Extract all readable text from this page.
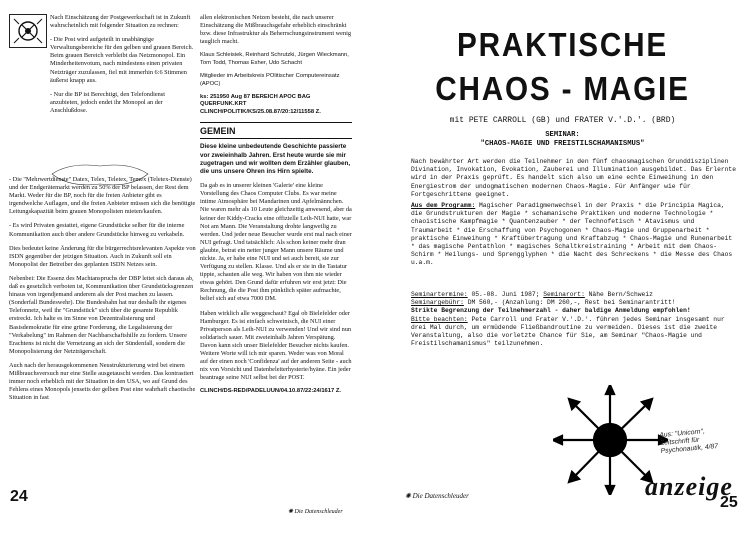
Nach Einschätzung der Postgewerkschaft ist in Zukunft wahrscheinlich mit folgender Situation zu rechnen:

- Die Post wird aufgeteilt in unabhängige Verwaltungsbereiche für den gelben und grauen Bereich. Beim grauen Bereich verbleibt das Netzmonopol. Ein Minderheitenvotum, nach mindestens einen privaten Netzträger zuzulassen, fiel mit immerhin 6:6 Stimmen äußerst knapp aus.

- Nur die BP ist Berechtigt, den Telefondienst anzubieten, jedoch endet ihr Monopol an der Anschlußdose.

- Die "Mehrwertdienste" Datex, Telex, Teletex, Temex (Teletex-Dienste) und der Endgerätemarkt werden zu 50% der BP belassen, der Rest dem Markt. Weder für die BP, noch für die freien Anbieter gibt es irgendwelche Auflagen, und die freien Anbieter müssen sich die benötigte Leitungskapazität beim grauen Monopolisten mieten/kaufen.

- Es wird Privaten gestattet, eigene Grundstücke selber für die interne Kommunikation auch über andere Grundstücke hinweg zu verkabeln.

Dies bedeutet keine Änderung für die bürgerrechtsrelevanten Aspekte von ISDN gegenüber der jetzigen Situation. Auch in Zukunft soll ein Monopolist der Betreiber des geplanten ISDN Netzes sein.

Nebenbei: Die Essenz des Machtanspruchs der DBP leitet sich daraus ab, daß es gesetzlich verboten ist, Kommunikation über Grundstücksgrenzen hinaus von irgendjemand anderem als der Post machen zu lassen. (Sonderfall Bundeswehr). Die Bundesbahn hat nur deshalb ihr eigenes Telefonnetz, weil ihr "Grundstück" sich über die gesamte Republik erstreckt. Ich halte es im Sinne von Dezentralisierung und Basisdemokratie für eine grüne Forderung, die Legalisierung der "Verkabelung" im Rahmen der Nachbarschaftshilfe zu fordern. Unsere Erachtens ist nicht die Vernetzung an sich der Sündenfall, sondern die Monopolisierung der Netzträgerschaft.

Auch nach der herausgekommenen Neustrukturierung wird bei einem Mißbrauchsversuch nur eine Stelle ausgetauscht werden. Das kontrastiert immer noch erheblich mit der Situation in den USA, wo auf Grund des Fehlens eines Monopols jenseits der gelben Post eine wahrhaft chaotische Situation in fast

24

allen elektronischen Netzen besteht, die nach unserer Einschätzung die Mißbrauchsgefahr erheblich einschränkt bzw. diese Infrastruktur als Beherrschungsinstrument wenig tauglich macht.

Klaus Schleisiek, Reinhard Schrutzki, Jürgen Wieckmann, Tom Todd, Thomas Esher, Udo Schacht

Mitglieder im Arbeitskreis POlitischer Computereinsatz (APOC)

ks: 251950 Aug 87 BEREICH APOC BAG QUERFUNK.KRT

CLINCH/POLITIK/KS/25.08.87/20:12/11558 Z.

GEMEIN

Diese kleine unbedeutende Geschichte passierte vor zweieinhalb Jahren. Erst heute wurde sie mir zugetragen und wir wollten dem Erzähler glauben, die uns unsere Ohren ins Hirn spielte.

Da gab es in unserer kleinen 'Galerie' eine kleine Vorstellung des Chaos Computer Clubs. Es war meine intime Atmosphäre bei Mandarinen und Apfelmännchen. Nie waren mehr als 10 Leute gleichzeitig anwesend, aber da keiner der Kiddy-Cracks eine offizielle Leih-NUI hatte, war Not am Mann. Die Veranstaltung drohte langweilig zu werden. Und jeder neue Besucher wurde erst mal nach einer NUI gefragt. Und tatsächlich: Als schon keiner mehr dran glaubte, betrat ein netter junger Mann unsere Räume und nickte. Ja, er habe eine NUI und sei auch bereit, sie zur Verfügung zu stellen. Klasse. Und als er sie in die Tastatur tippte, schauten alle weg. Wir haben von ihm nie wieder etwas gehört. Den Grund dafür erfuhren wir erst jetzt: Die Rechnung, die die Post ihm pünktlich später aufmachte, belief sich auf etwa 7000 DM.

Haben wirklich alle weggeschaut? Egal ob Bielefelder oder Hamburger. Es ist einfach schweinisch, die NUI einer Privatperson als Leih-NUI zu verwenden! Und wir sind nun solidarisch sauer. Mit zweieinhalb Jahren Verspätung. Davon kann sich unser Bielefelder Besucher nichts kaufen. Weitere Worte will ich mir sparen. Weder was von Moral auf der einen noch 'Confidenza' auf der anderen Seite - auch nix von Vorsicht und Datenbeleiterhysterie/hyäne. Ein jeder beantrage seine NUI selbst bei der POST.

CLINCH/DS-RED/PADELUUN/04.10.87/22:24/1617 Z.

✺ Die Datenschleuder
PRAKTISCHE
CHAOS - MAGIE
mit PETE CARROLL (GB) und FRATER V.'.D.'. (BRD)
SEMINAR:
"CHAOS-MAGIE UND FREISTILSCHAMANISMUS"

Nach bewährter Art werden die Teilnehmer in den fünf chaosmagischen Grunddisziplinen Divination, Invokation, Evokation, Zauberei und Illumination ausgebildet. Das Erlernte wird in der Praxis geprüft. Es handelt sich also um eine echte Einweihung in den Energiestrom der undogmatischen modernen Chaos-Magie. Für Anfänger wie für Fortgeschrittene geeignet.

Aus dem Programm: Magischer Paradigmenwechsel in der Praxis * die Principia Magica, die Grundstrukturen der Magie * schamanische Praktiken und moderne Technologie * chaoistische Kampfmagie * Quantenzauber * der Technofetisch * Atavismus und Traumarbeit * die Erschaffung von Psychogonen * Chaos-Magie und Gruppenarbeit * praktische Einweihung * Kraftübertragung und Kraftabzug * Chaos-Magie und Runenarbeit * das magische Pentathlon * magisches Schaltkreistraining * Arbeit mit dem Chaos-Schirm * Heilungs- und Sprengglyphen * die Nacht des Schreckens * die Messe des Chaos u.a.m.

Seminartermine: 05.-08. Juni 1987; Seminarort: Nähe Bern/Schweiz

Seminargebühr: DM 560,- (Anzahlung: DM 260,-, Rest bei Seminarantritt!

Strikte Begrenzung der Teilnehmerzahl - daher baldige Anmeldung empfohlen!

Bitte beachten: Pete Carroll und Frater V.'.D.'. führen jedes Seminar insgesamt nur drei Mal durch, um ermüdende Fließbandroutine zu vermeiden. Dieses ist die zweite Veranstaltung, also die vorletzte Chance für Sie, am Seminar "Chaos-Magie und Freistilschamanismus" teilzunehmen.

Aus: "Unicorn", Zeitschrift für Psychonautik, 4/87
anzeige
✺ Die Datenschleuder	25
